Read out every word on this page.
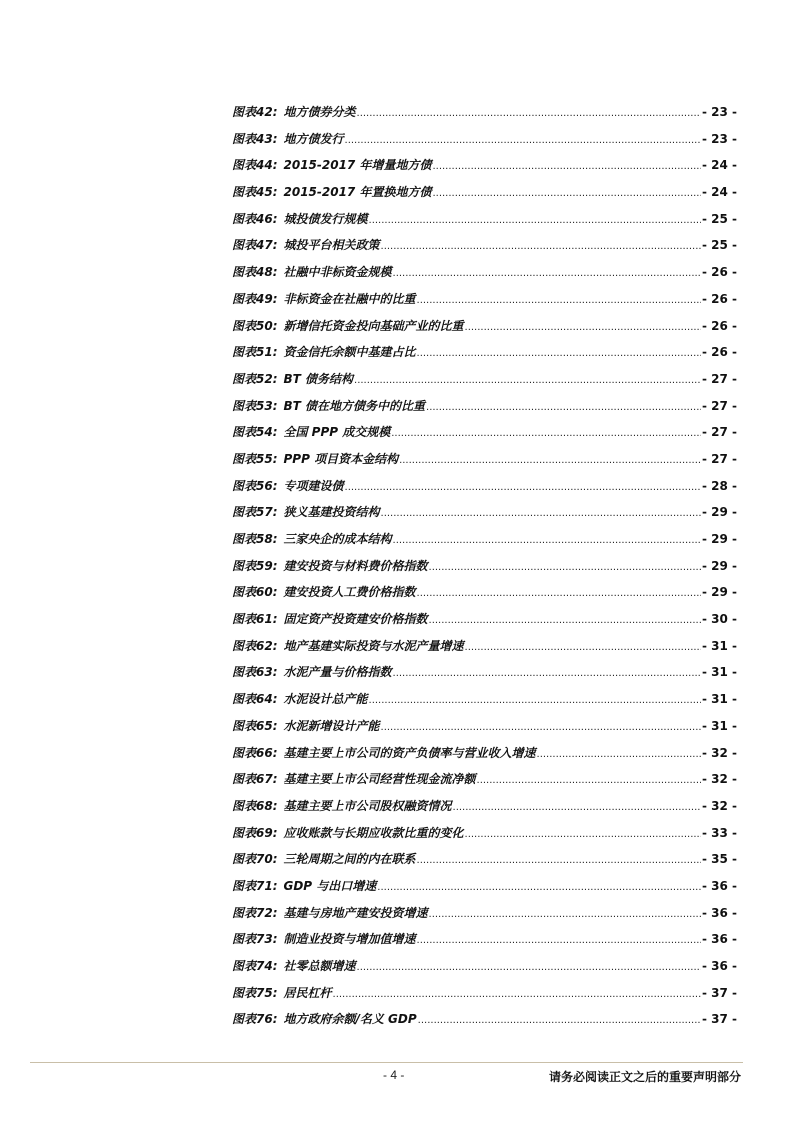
图表42: 地方债券分类 .....	- 23 -
图表43: 地方债发行 .....	- 23 -
图表44: 2015-2017 年增量地方债 .....	- 24 -
图表45: 2015-2017 年置换地方债 .....	- 24 -
图表46: 城投债发行规模 .....	- 25 -
图表47: 城投平台相关政策 .....	- 25 -
图表48: 社融中非标资金规模 .....	- 26 -
图表49: 非标资金在社融中的比重 .....	- 26 -
图表50: 新增信托资金投向基础产业的比重 .....	- 26 -
图表51: 资金信托余额中基建占比 .....	- 26 -
图表52: BT 债务结构 .....	- 27 -
图表53: BT 债在地方债务中的比重 .....	- 27 -
图表54: 全国 PPP 成交规模 .....	- 27 -
图表55: PPP 项目资本金结构 .....	- 27 -
图表56: 专项建设债 .....	- 28 -
图表57: 狭义基建投资结构 .....	- 29 -
图表58: 三家央企的成本结构 .....	- 29 -
图表59: 建安投资与材料费价格指数 .....	- 29 -
图表60: 建安投资人工费价格指数 .....	- 29 -
图表61: 固定资产投资建安价格指数 .....	- 30 -
图表62: 地产基建实际投资与水泥产量增速 .....	- 31 -
图表63: 水泥产量与价格指数 .....	- 31 -
图表64: 水泥设计总产能 .....	- 31 -
图表65: 水泥新增设计产能 .....	- 31 -
图表66: 基建主要上市公司的资产负债率与营业收入增速 .....	- 32 -
图表67: 基建主要上市公司经营性现金流净额 .....	- 32 -
图表68: 基建主要上市公司股权融资情况 .....	- 32 -
图表69: 应收账款与长期应收款比重的变化 .....	- 33 -
图表70: 三轮周期之间的内在联系 .....	- 35 -
图表71: GDP 与出口增速 .....	- 36 -
图表72: 基建与房地产建安投资增速 .....	- 36 -
图表73: 制造业投资与增加值增速 .....	- 36 -
图表74: 社零总额增速 .....	- 36 -
图表75: 居民杠杆 .....	- 37 -
图表76: 地方政府余额/名义 GDP .....	- 37 -
- 4 -	请务必阅读正文之后的重要声明部分
